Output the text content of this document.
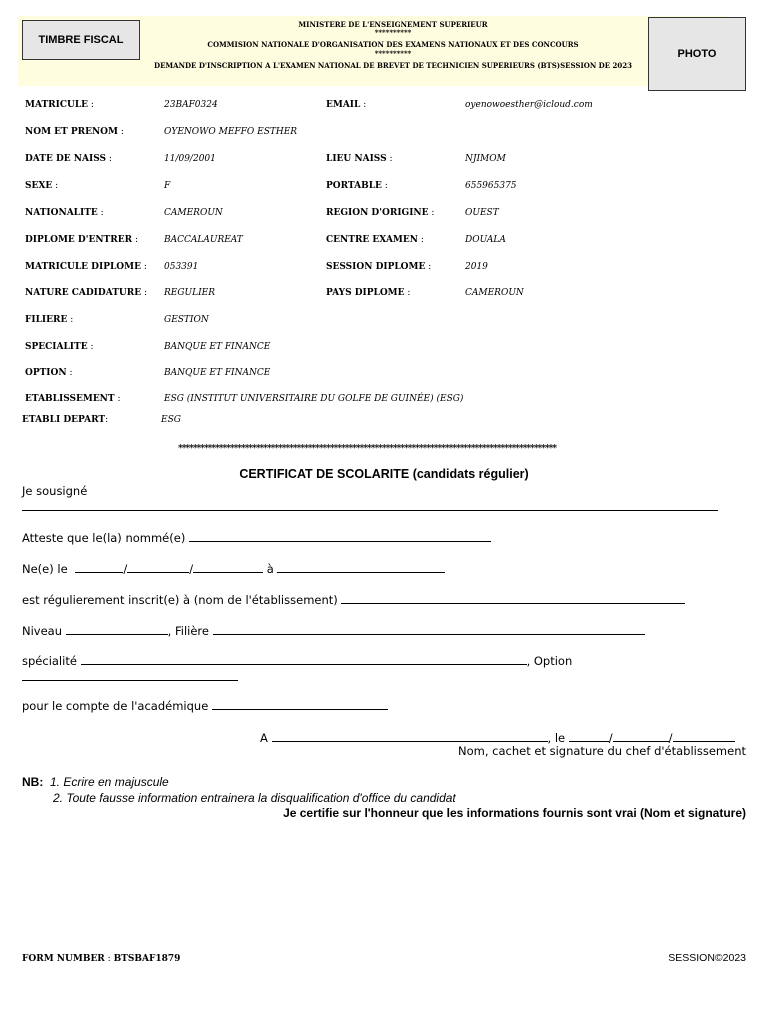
TIMBRE FISCAL
PHOTO
MINISTERE DE L'ENSEIGNEMENT SUPERIEUR
**********
COMMISION NATIONALE D'ORGANISATION DES EXAMENS NATIONAUX ET DES CONCOURS
**********
DEMANDE D'INSCRIPTION A L'EXAMEN NATIONAL DE BREVET DE TECHNICIEN SUPERIEURS (BTS)SESSION DE 2023
MATRICULE :	23BAF0324	EMAIL :	oyenowoesther@icloud.com
NOM ET PRENOM :	OYENOWO MEFFO ESTHER
DATE DE NAISS :	11/09/2001	LIEU NAISS :	NJIMOM
SEXE :	F	PORTABLE :	655965375
NATIONALITE :	CAMEROUN	REGION D'ORIGINE :	OUEST
DIPLOME D'ENTRER :	BACCALAUREAT	CENTRE EXAMEN :	DOUALA
MATRICULE DIPLOME : 053391	SESSION DIPLOME :	2019
NATURE CADIDATURE : REGULIER	PAYS DIPLOME :	CAMEROUN
FILIERE :	GESTION
SPECIALITE :	BANQUE ET FINANCE
OPTION :	BANQUE ET FINANCE
ETABLISSEMENT :	ESG (INSTITUT UNIVERSITAIRE DU GOLFE DE GUINÉE) (ESG)
ETABLI DEPART:	ESG
******************************************************************************************************
CERTIFICAT DE SCOLARITE (candidats régulier)
Je sousigné
Atteste que le(la) nommé(e)
Ne(e) le	/	/	à
est régulierement inscrit(e) à (nom de l'établissement)
Niveau	, Filière
spécialité	, Option
pour le compte de l'académique
A	, le	/	/
Nom, cachet et signature du chef d'établissement
NB: 1. Ecrire en majuscule
2. Toute fausse information entrainera la disqualification d'office du candidat
Je certifie sur l'honneur que les informations fournis sont vrai (Nom et signature)
FORM NUMBER : BTSBAF1879	SESSION©2023
